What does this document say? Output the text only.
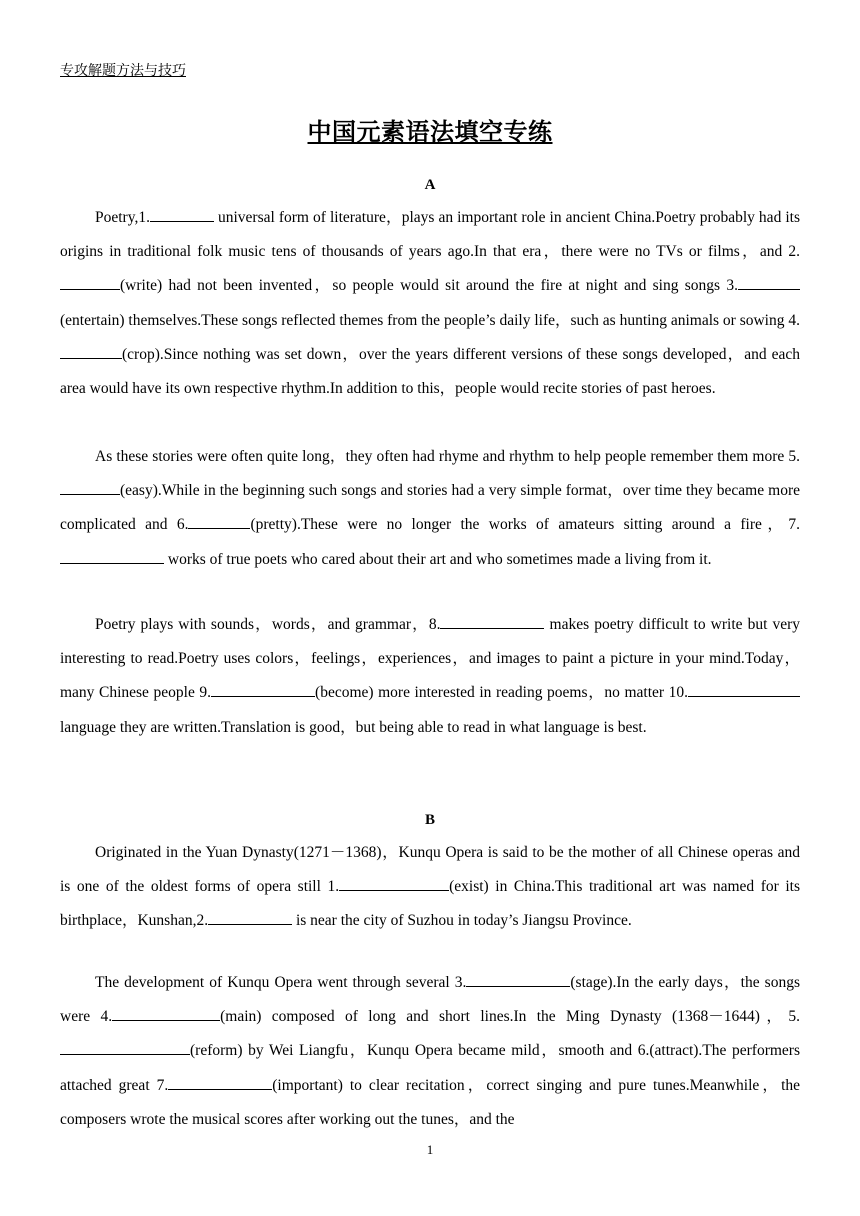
专攻解题方法与技巧
中国元素语法填空专练
A

Poetry,1.	universal form of literature，plays an important role in ancient China.Poetry probably had its origins in traditional folk music tens of thousands of years ago.In that era，there were no TVs or films，and 2.(write) had not been invented，so people would sit around the fire at night and sing songs 3.(entertain) themselves.These songs reflected themes from the people’s daily life，such as hunting animals or sowing 4.(crop).Since nothing was set down，over the years different versions of these songs developed，and each area would have its own respective rhythm.In addition to this，people would recite stories of past heroes.

As these stories were often quite long，they often had rhyme and rhythm to help people remember them more 5.(easy).While in the beginning such songs and stories had a very simple format，over time they became more complicated and 6.	(pretty).These were no longer the works of amateurs sitting around a fire，7. works of true poets who cared about their art and who sometimes made a living from it.

Poetry plays with sounds，words，and grammar，8.	makes poetry difficult to write but very interesting to read.Poetry uses colors，feelings，experiences，and images to paint a picture in your mind.Today，many Chinese people 9.	(become) more interested in reading poems，no matter 10. language they are written.Translation is good，but being able to read in what language is best.

B

Originated in the Yuan Dynasty(1271－1368)，Kunqu Opera is said to be the mother of all Chinese operas and is one of the oldest forms of opera still 1.	(exist) in China.This traditional art was named for its birthplace，Kunshan,2.	is near the city of Suzhou in today’s Jiangsu Province.

The development of Kunqu Opera went through several 3.	(stage).In the early days，the songs were 4.	(main) composed of long and short lines.In the Ming Dynasty (1368－1644)，5.(reform) by Wei Liangfu，Kunqu Opera became mild，smooth and 6.(attract).The performers attached great 7.	(important) to clear recitation，correct singing and pure tunes.Meanwhile，the composers wrote the musical scores after working out the tunes，and the

1
